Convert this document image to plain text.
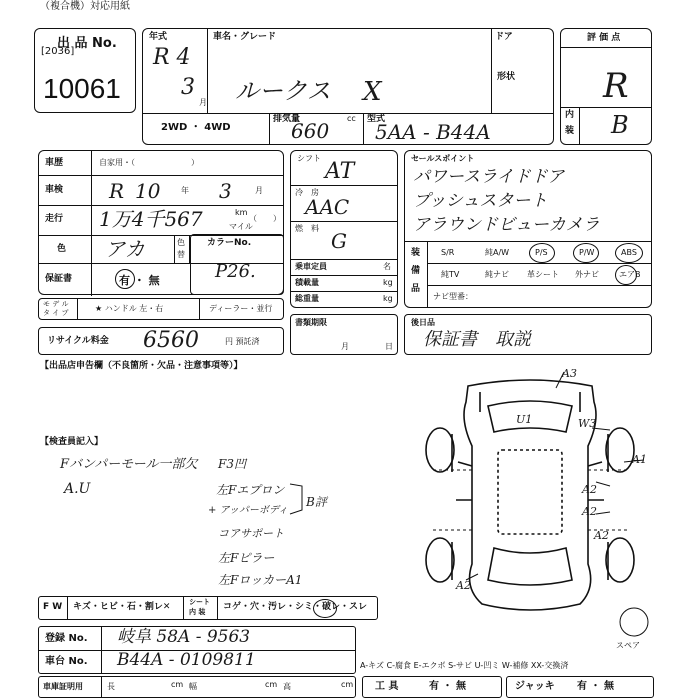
（複合機）対応用紙
出 品 No.
[2036]
10061
年式
R 4
3
月
車名・グレード
ルークス X
ドア
形状
2WD ・ 4WD
排気量
660
cc 型式
5AA - B44A
評 価 点
R
内
装 B
車歴	自家用・（　　　　　　　）
車検 R 10	年 3	月
走行 1万4千567	km
マイル
（　　）
色 アカ	色
替
保証書	有 ・ 無
カラーNo.
P26.
モ デ ル
タ イ プ	★ ハンドル 左・右	ディーラー・並行
リサイクル料金 6560	円 預託済
シフト
AT
冷 房
AAC
燃 料
G
乗車定員	名
積載量	kg
総重量	kg
書類期限
月	日
セールスポイント
パワースライドドア
プッシュスタート
アラウンドビューカメラ
装
備
品
S/R	純A/W	P/S	P/W	ABS
純TV	純ナビ 革シート 外ナビ	エアB
ナビ型番：
後日品
保証書　取説
【出品店申告欄（不良箇所・欠品・注意事項等）】
【検査員記入】
Fバンパーモール一部欠
A.U
F3凹
左Fエプロン
+ アッパーボディ
B評
コアサポート
左Fピラー
左FロッカーA1
A3
U1	W3
A1
A2
A2
A2
A2
スペア
F W キズ・ヒビ・石・割レ✕	シート
内 装 コゲ・穴・汚レ・シミ・破レ・スレ
登録 No. 岐阜 58A - 9563
車台 No. B44A - 0109811	A-キズ C-腐食 E-エクボ S-サビ U-凹ミ W-補修 XX-交換済
車庫証明用	長	cm 幅	cm 高	cm 工 具	有 ・ 無	ジャッキ 有 ・ 無
